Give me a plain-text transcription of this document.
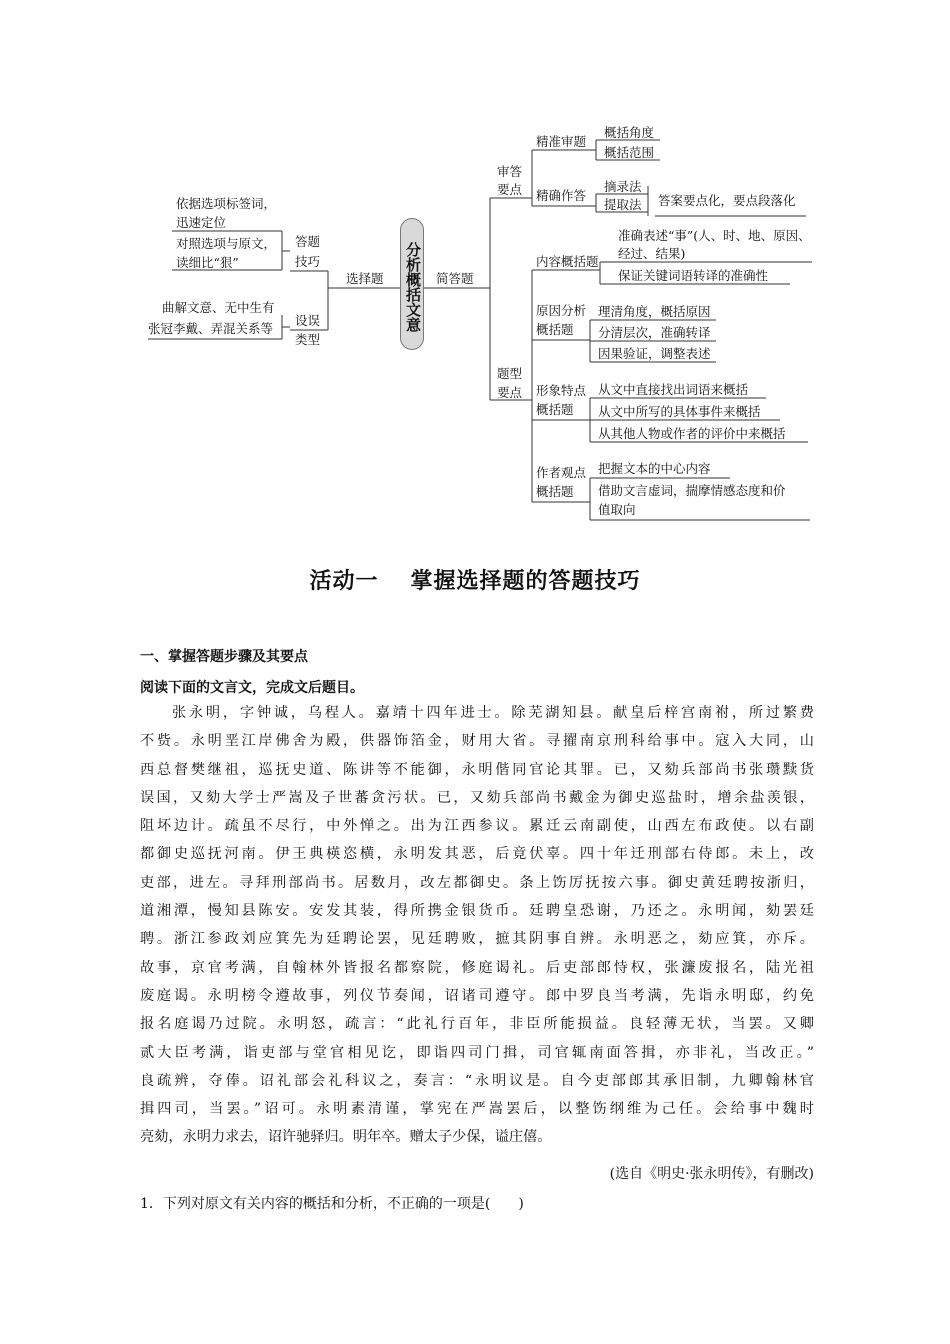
依据选项标签词，
迅速定位
对照选项与原文，
读细比“狠”
答题
技巧
曲解文意、无中生有
张冠李戴、弄混关系等
设误
类型
选择题 分析概括文意 简答题
审答
要点
题型
要点
精准审题
概括角度
概括范围
精确作答
摘录法
提取法 答案要点化，要点段落化
内容概括题
准确表述“事”(人、时、地、原因、
经过、结果)
保证关键词语转译的准确性
原因分析
概括题
理清角度，概括原因
分清层次，准确转译
因果验证，调整表述
形象特点
概括题
从文中直接找出词语来概括
从文中所写的具体事件来概括
从其他人物或作者的评价中来概括
作者观点
概括题
把握文本的中心内容
借助文言虚词，揣摩情感态度和价
值取向
活动一 掌握选择题的答题技巧
一、掌握答题步骤及其要点
阅读下面的文言文，完成文后题目。
张永明，字钟诚，乌程人。嘉靖十四年进士。除芜湖知县。献皇后梓宫南祔，所过繁费
不赀。永明垩江岸佛舍为殿，供器饰箔金，财用大省。寻擢南京刑科给事中。寇入大同，山
西总督樊继祖，巡抚史道、陈讲等不能御，永明偕同官论其罪。已，又劾兵部尚书张瓒黩货
误国，又劾大学士严嵩及子世蕃贪污状。已，又劾兵部尚书戴金为御史巡盐时，增余盐羡银，
阻坏边计。疏虽不尽行，中外惮之。出为江西参议。累迁云南副使，山西左布政使。以右副
都御史巡抚河南。伊王典楧恣横，永明发其恶，后竟伏辜。四十年迁刑部右侍郎。未上，改
吏部，进左。寻拜刑部尚书。居数月，改左都御史。条上饬厉抚按六事。御史黄廷聘按浙归，
道湘潭，慢知县陈安。安发其装，得所携金银货币。廷聘皇恐谢，乃还之。永明闻，劾罢廷
聘。浙江参政刘应箕先为廷聘论罢，见廷聘败，摭其阴事自辨。永明恶之，劾应箕，亦斥。
故事，京官考满，自翰林外皆报名都察院，修庭谒礼。后吏部郎恃权，张濂废报名，陆光祖
废庭谒。永明榜令遵故事，列仪节奏闻，诏诸司遵守。郎中罗良当考满，先诣永明邸，约免
报名庭谒乃过院。永明怒，疏言：“此礼行百年，非臣所能损益。良轻薄无状，当罢。又卿
贰大臣考满，诣吏部与堂官相见讫，即诣四司门揖，司官辄南面答揖，亦非礼，当改正。”
良疏辨，夺俸。诏礼部会礼科议之，奏言：“永明议是。自今吏部郎其承旧制，九卿翰林官
揖四司，当罢。”诏可。永明素清谨，掌宪在严嵩罢后，以整饬纲维为己任。会给事中魏时
亮劾，永明力求去，诏许驰驿归。明年卒。赠太子少保，谥庄僖。
(选自《明史·张永明传》，有删改)
1．下列对原文有关内容的概括和分析，不正确的一项是(　　)
